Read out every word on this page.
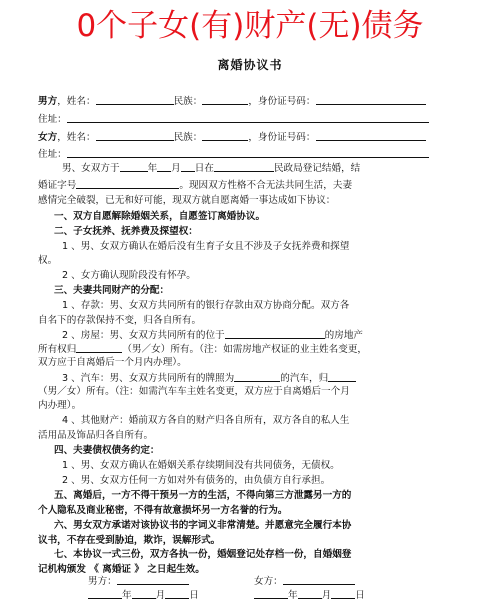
0个子女(有)财产(无)债务
离婚协议书
男方，姓名：	民族：	，身份证号码：
住址：
女方，姓名：	民族：	，身份证号码：
住址：
男、女双方于	年 月 日在	民政局登记结婚，结
婚证字号	。现因双方性格不合无法共同生活，夫妻
感情完全破裂，已无和好可能，现双方就自愿离婚一事达成如下协议：
一、双方自愿解除婚姻关系，自愿签订离婚协议。
二、子女抚养、抚养费及探望权：
1 、男、女双方确认在婚后没有生育子女且不涉及子女抚养费和探望
权。
2 、女方确认现阶段没有怀孕。
三、夫妻共同财产的分配：
1 、存款：男、女双方共同所有的银行存款由双方协商分配。双方各
自名下的存款保持不变，归各自所有。
2 、房屋：男、女双方共同所有的位于	的房地产
所有权归	（男／女）所有。（注：如需房地产权证的业主姓名变更，
双方应于自离婚后一个月内办理）。
3 、汽车：男、女双方共同所有的牌照为	的汽车，归
（男／女）所有。（注：如需汽车车主姓名变更，双方应于自离婚后一个月
内办理）。
4 、其他财产：婚前双方各自的财产归各自所有，双方各自的私人生
活用品及饰品归各自所有。
四、夫妻债权债务约定：
1 、男、女双方确认在婚姻关系存续期间没有共同债务，无债权。
2 、男、女双方任何一方如对外有债务的，由负债方自行承担。
五、离婚后，一方不得干预另一方的生活，不得向第三方泄露另一方的
个人隐私及商业秘密，不得有故意损坏另一方名誉的行为。
六、男女双方承诺对该协议书的字词义非常清楚。并愿意完全履行本协
议书，不存在受到胁迫，欺诈，误解形式。
七、本协议一式三份，双方各执一份，婚姻登记处存档一份，自婚姻登
记机构颁发 《 离婚证 》 之日起生效。
男方：	女方：
年	月	日	年	月	日
